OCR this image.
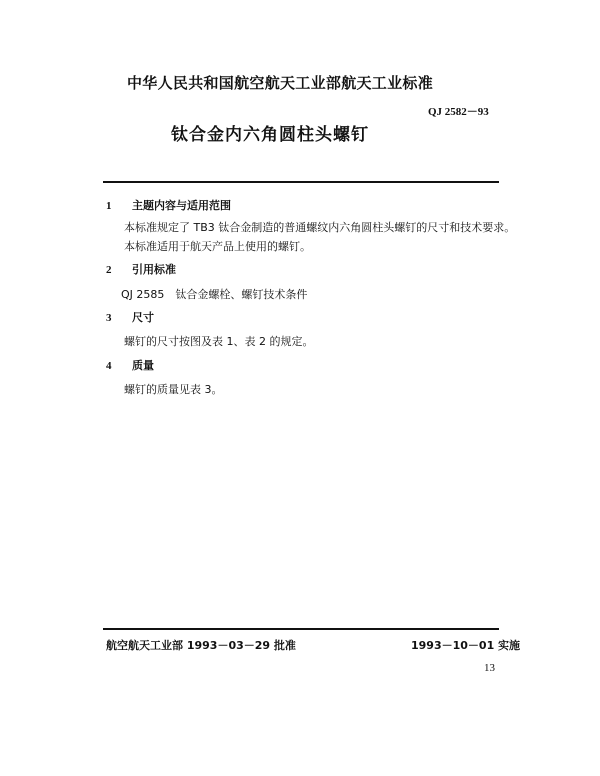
中华人民共和国航空航天工业部航天工业标准
QJ 2582－93
钛合金内六角圆柱头螺钉
1 主题内容与适用范围
本标准规定了 TB3 钛合金制造的普通螺纹内六角圆柱头螺钉的尺寸和技术要求。
本标准适用于航天产品上使用的螺钉。
2 引用标准
QJ 2585　钛合金螺栓、螺钉技术条件
3 尺寸
螺钉的尺寸按图及表 1、表 2 的规定。
4 质量
螺钉的质量见表 3。
航空航天工业部 1993－03－29 批准	1993－10－01 实施
13
